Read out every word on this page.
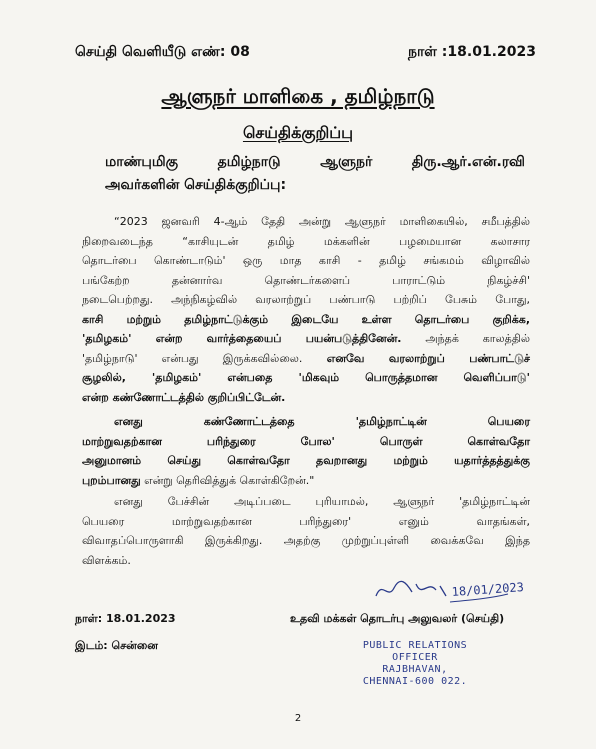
செய்தி வெளியீடு எண்: 08	நாள் :18.01.2023
ஆளுநர் மாளிகை , தமிழ்நாடு
செய்திக்குறிப்பு
மாண்புமிகு தமிழ்நாடு ஆளுநர் திரு.ஆர்.என்.ரவி
அவர்களின் செய்திக்குறிப்பு:
“2023 ஜனவரி 4-ஆம் தேதி அன்று ஆளுநர் மாளிகையில், சமீபத்தில்
நிறைவடைந்த “காசியுடன் தமிழ் மக்களின் பழமையான கலாசார
தொடர்பை கொண்டாடும்' ஒரு மாத காசி - தமிழ் சங்கமம் விழாவில்
பங்கேற்ற தன்னார்வ தொண்டர்களைப் பாராட்டும் நிகழ்ச்சி'
நடைபெற்றது. அந்நிகழ்வில் வரலாற்றுப் பண்பாடு பற்றிப் பேசும் போது,
காசி மற்றும் தமிழ்நாட்டுக்கும் இடையே உள்ள தொடர்பை குறிக்க,
'தமிழகம்' என்ற வார்த்தையைப் பயன்படுத்தினேன். அந்தக் காலத்தில்
'தமிழ்நாடு' என்பது இருக்கவில்லை. எனவே வரலாற்றுப் பண்பாட்டுச்
சூழலில், 'தமிழகம்' என்பதை 'மிகவும் பொருத்தமான வெளிப்பாடு'
என்ற கண்ணோட்டத்தில் குறிப்பிட்டேன்.
எனது கண்ணோட்டத்தை 'தமிழ்நாட்டின் பெயரை
மாற்றுவதற்கான பரிந்துரை போல' பொருள் கொள்வதோ
அனுமானம் செய்து கொள்வதோ தவறானது மற்றும் யதார்த்தத்துக்கு
புறம்பானது என்று தெரிவித்துக் கொள்கிறேன்."
எனது பேச்சின் அடிப்படை புரியாமல், ஆளுநர் 'தமிழ்நாட்டின்
பெயரை மாற்றுவதற்கான பரிந்துரை' எனும் வாதங்கள்,
விவாதப்பொருளாகி இருக்கிறது. அதற்கு முற்றுப்புள்ளி வைக்கவே இந்த
விளக்கம்.
18/01/2023
நாள்: 18.01.2023
இடம்: சென்னை
உதவி மக்கள் தொடர்பு அலுவலர் (செய்தி)
PUBLIC RELATIONS
OFFICER
RAJBHAVAN,
CHENNAI-600 022.
2
